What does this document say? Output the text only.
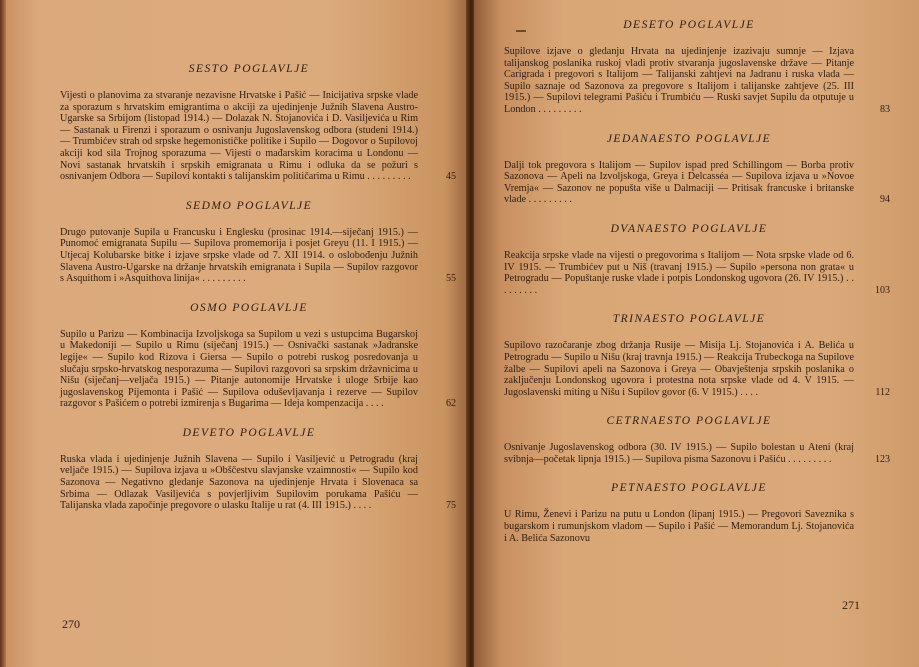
SESTO POGLAVLJE

Vijesti o planovima za stvaranje nezavisne Hrvatske i Pašić — Inicijativa srpske vlade za sporazum s hrvatskim emigrantima o akciji za ujedinjenje Južnih Slavena Austro-Ugarske sa Srbijom (listopad 1914.) — Dolazak N. Stojanovića i D. Vasiljevića u Rim — Sastanak u Firenzi i sporazum o osnivanju Jugoslavenskog odbora (studeni 1914.) — Trumbićev strah od srpske hegemonističke politike i Supilo — Dogovor o Supilovoj akciji kod sila Trojnog sporazuma — Vijesti o mađarskim koracima u Londonu — Novi sastanak hrvatskih i srpskih emigranata u Rimu i odluka da se požuri s osnivanjem Odbora — Supilovi kontakti s talijanskim političarima u Rimu . . . . . . . . .	45
SEDMO POGLAVLJE

Drugo putovanje Supila u Francusku i Englesku (prosinac 1914.—siječanj 1915.) — Punomoć emigranata Supilu — Supilova promemorija i posjet Greyu (11. I 1915.) — Utjecaj Kolubarske bitke i izjave srpske vlade od 7. XII 1914. o oslobođenju Južnih Slavena Austro-Ugarske na držanje hrvatskih emigranata i Supila — Supilov razgovor s Asquithom i »Asquithova linija« . . . . . . . . .	55
OSMO POGLAVLJE

Supilo u Parizu — Kombinacija Izvoljskoga sa Supilom u vezi s ustupcima Bugarskoj u Makedoniji — Supilo u Rimu (siječanj 1915.) — Osnivački sastanak »Jadranske legije« — Supilo kod Rizova i Giersa — Supilo o potrebi ruskog posredovanja u slučaju srpsko-hrvatskog nesporazuma — Supilovi razgovori sa srpskim državnicima u Nišu (siječanj—veljača 1915.) — Pitanje autonomije Hrvatske i uloge Srbije kao jugoslavenskog Pijemonta i Pašić — Supilova oduševljavanja i rezerve — Supilov razgovor s Pašićem o potrebi izmirenja s Bugarima — Ideja kompenzacija . . . .	62
DEVETO POGLAVLJE

Ruska vlada i ujedinjenje Južnih Slavena — Supilo i Vasiljević u Petrogradu (kraj veljače 1915.) — Supilova izjava u »Obščestvu slavjanske vzaimnosti« — Supilo kod Sazonova — Negativno gledanje Sazonova na ujedinjenje Hrvata i Slovenaca sa Srbima — Odlazak Vasiljevića s povjerljivim Supilovim porukama Pašiću — Talijanska vlada započinje pregovore o ulasku Italije u rat (4. III 1915.) . . . .	75
270
DESETO POGLAVLJE

Supilove izjave o gledanju Hrvata na ujedinjenje izazivaju sumnje — Izjava talijanskog poslanika ruskoj vladi protiv stvaranja jugoslavenske države — Pitanje Carigrada i pregovori s Italijom — Talijanski zahtjevi na Jadranu i ruska vlada — Supilo saznaje od Sazonova za pregovore s Italijom i talijanske zahtjeve (25. III 1915.) — Supilovi telegrami Pašiću i Trumbiću — Ruski savjet Supilu da otputuje u London . . . . . . . . .	83
JEDANAESTO POGLAVLJE

Dalji tok pregovora s Italijom — Supilov ispad pred Schillingom — Borba protiv Sazonova — Apeli na Izvoljskoga, Greya i Delcasséa — Supilova izjava u »Novoe Vremja« — Sazonov ne popušta više u Dalmaciji — Pritisak francuske i britanske vlade . . . . . . . . .	94
DVANAESTO POGLAVLJE

Reakcija srpske vlade na vijesti o pregovorima s Italijom — Nota srpske vlade od 6. IV 1915. — Trumbićev put u Niš (travanj 1915.) — Supilo »persona non grata« u Petrogradu — Popuštanje ruske vlade i potpis Londonskog ugovora (26. IV 1915.) . . . . . . . . .	103
TRINAESTO POGLAVLJE

Supilovo razočaranje zbog držanja Rusije — Misija Lj. Stojanovića i A. Belića u Petrogradu — Supilo u Nišu (kraj travnja 1915.) — Reakcija Trubeckoga na Supilove žalbe — Supilovi apeli na Sazonova i Greya — Obavještenja srpskih poslanika o zaključenju Londonskog ugovora i protestna nota srpske vlade od 4. V 1915. — Jugoslavenski miting u Nišu i Supilov govor (6. V 1915.) . . . .	112
CETRNAESTO POGLAVLJE

Osnivanje Jugoslavenskog odbora (30. IV 1915.) — Supilo bolestan u Ateni (kraj svibnja—početak lipnja 1915.) — Supilova pisma Sazonovu i Pašiću . . . . . . . . .	123
PETNAESTO POGLAVLJE

U Rimu, Ženevi i Parizu na putu u London (lipanj 1915.) — Pregovori Saveznika s bugarskom i rumunjskom vladom — Supilo i Pašić — Memorandum Lj. Stojanovića i A. Belića Sazonovu

271
